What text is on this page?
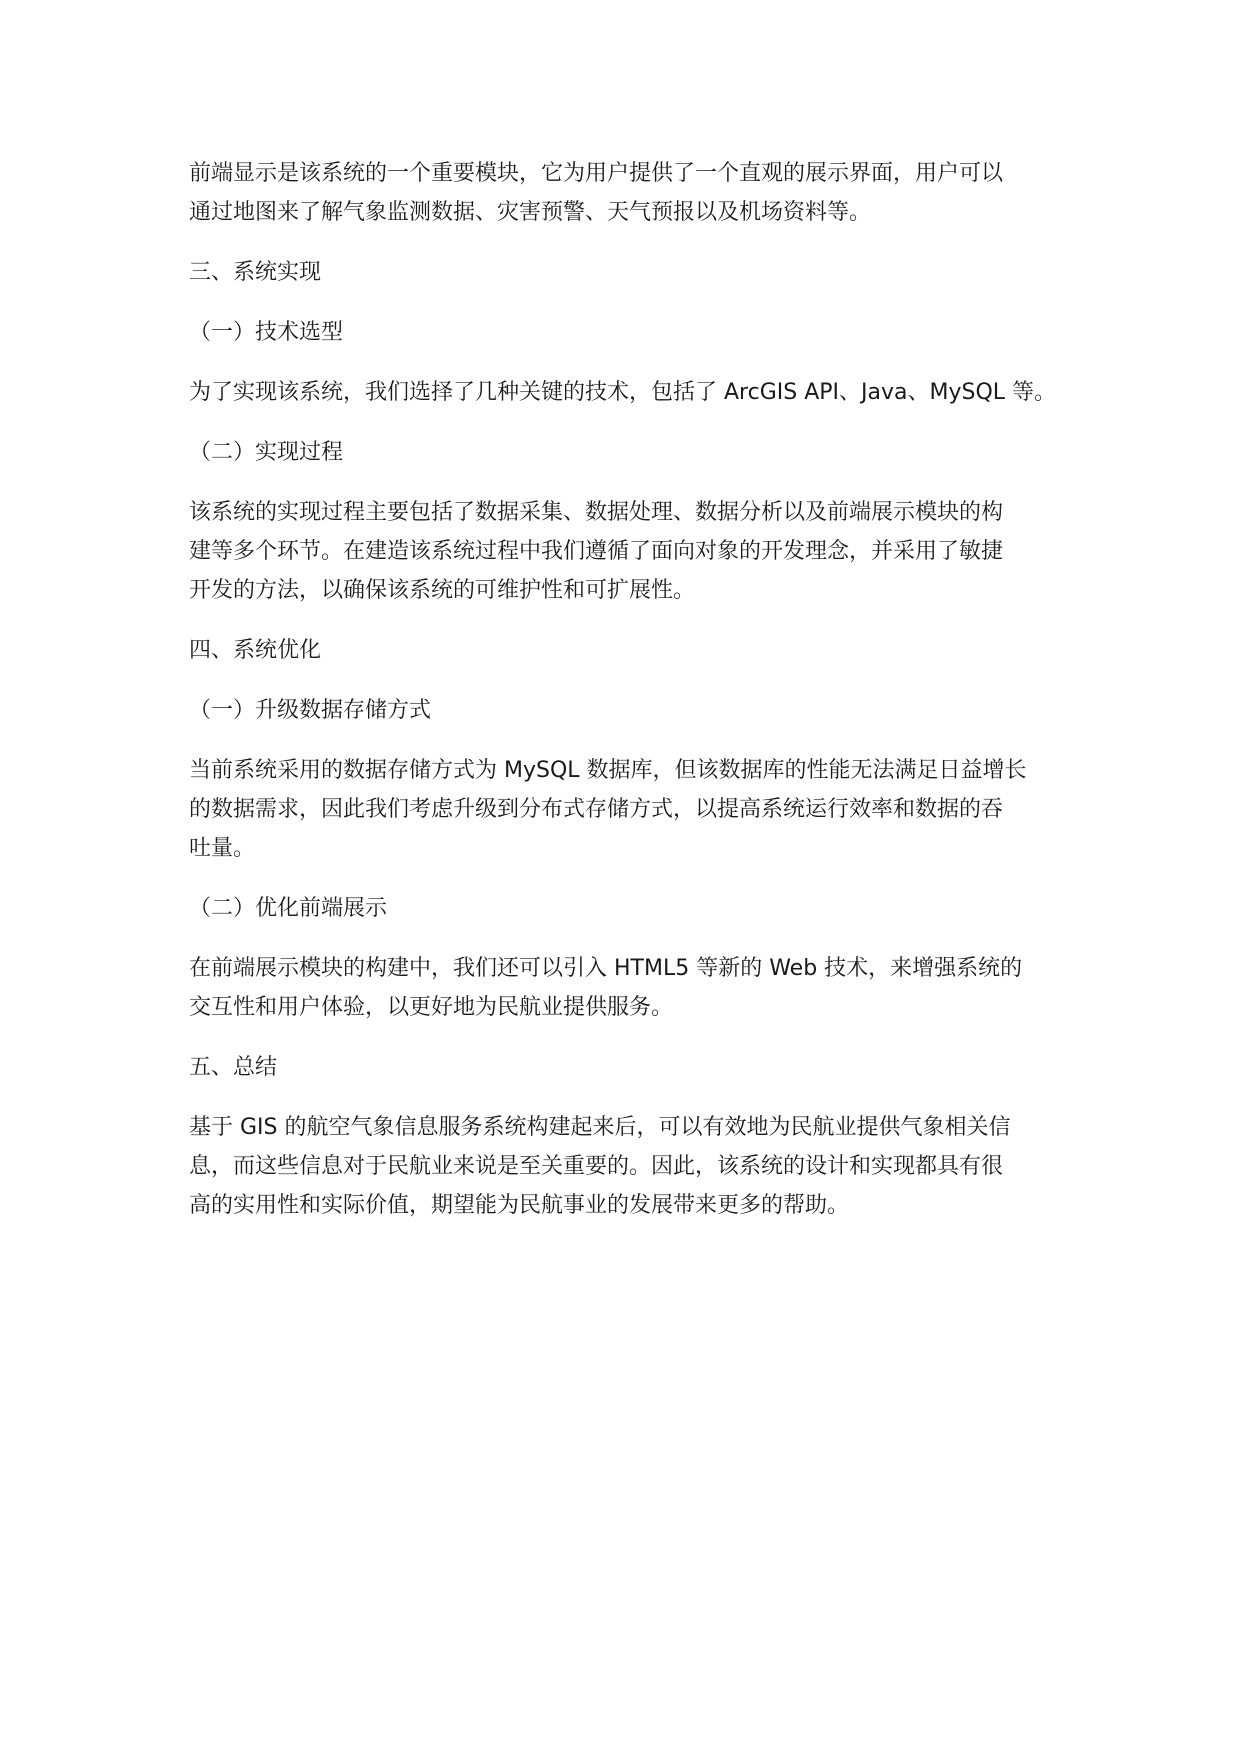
前端显示是该系统的一个重要模块，它为用户提供了一个直观的展示界面，用户可以
通过地图来了解气象监测数据、灾害预警、天气预报以及机场资料等。

三、系统实现

（一）技术选型

为了实现该系统，我们选择了几种关键的技术，包括了 ArcGIS API、Java、MySQL 等。

（二）实现过程

该系统的实现过程主要包括了数据采集、数据处理、数据分析以及前端展示模块的构
建等多个环节。在建造该系统过程中我们遵循了面向对象的开发理念，并采用了敏捷
开发的方法，以确保该系统的可维护性和可扩展性。

四、系统优化

（一）升级数据存储方式

当前系统采用的数据存储方式为 MySQL 数据库，但该数据库的性能无法满足日益增长
的数据需求，因此我们考虑升级到分布式存储方式，以提高系统运行效率和数据的吞
吐量。

（二）优化前端展示

在前端展示模块的构建中，我们还可以引入 HTML5 等新的 Web 技术，来增强系统的
交互性和用户体验，以更好地为民航业提供服务。

五、总结

基于 GIS 的航空气象信息服务系统构建起来后，可以有效地为民航业提供气象相关信
息，而这些信息对于民航业来说是至关重要的。因此，该系统的设计和实现都具有很
高的实用性和实际价值，期望能为民航事业的发展带来更多的帮助。
